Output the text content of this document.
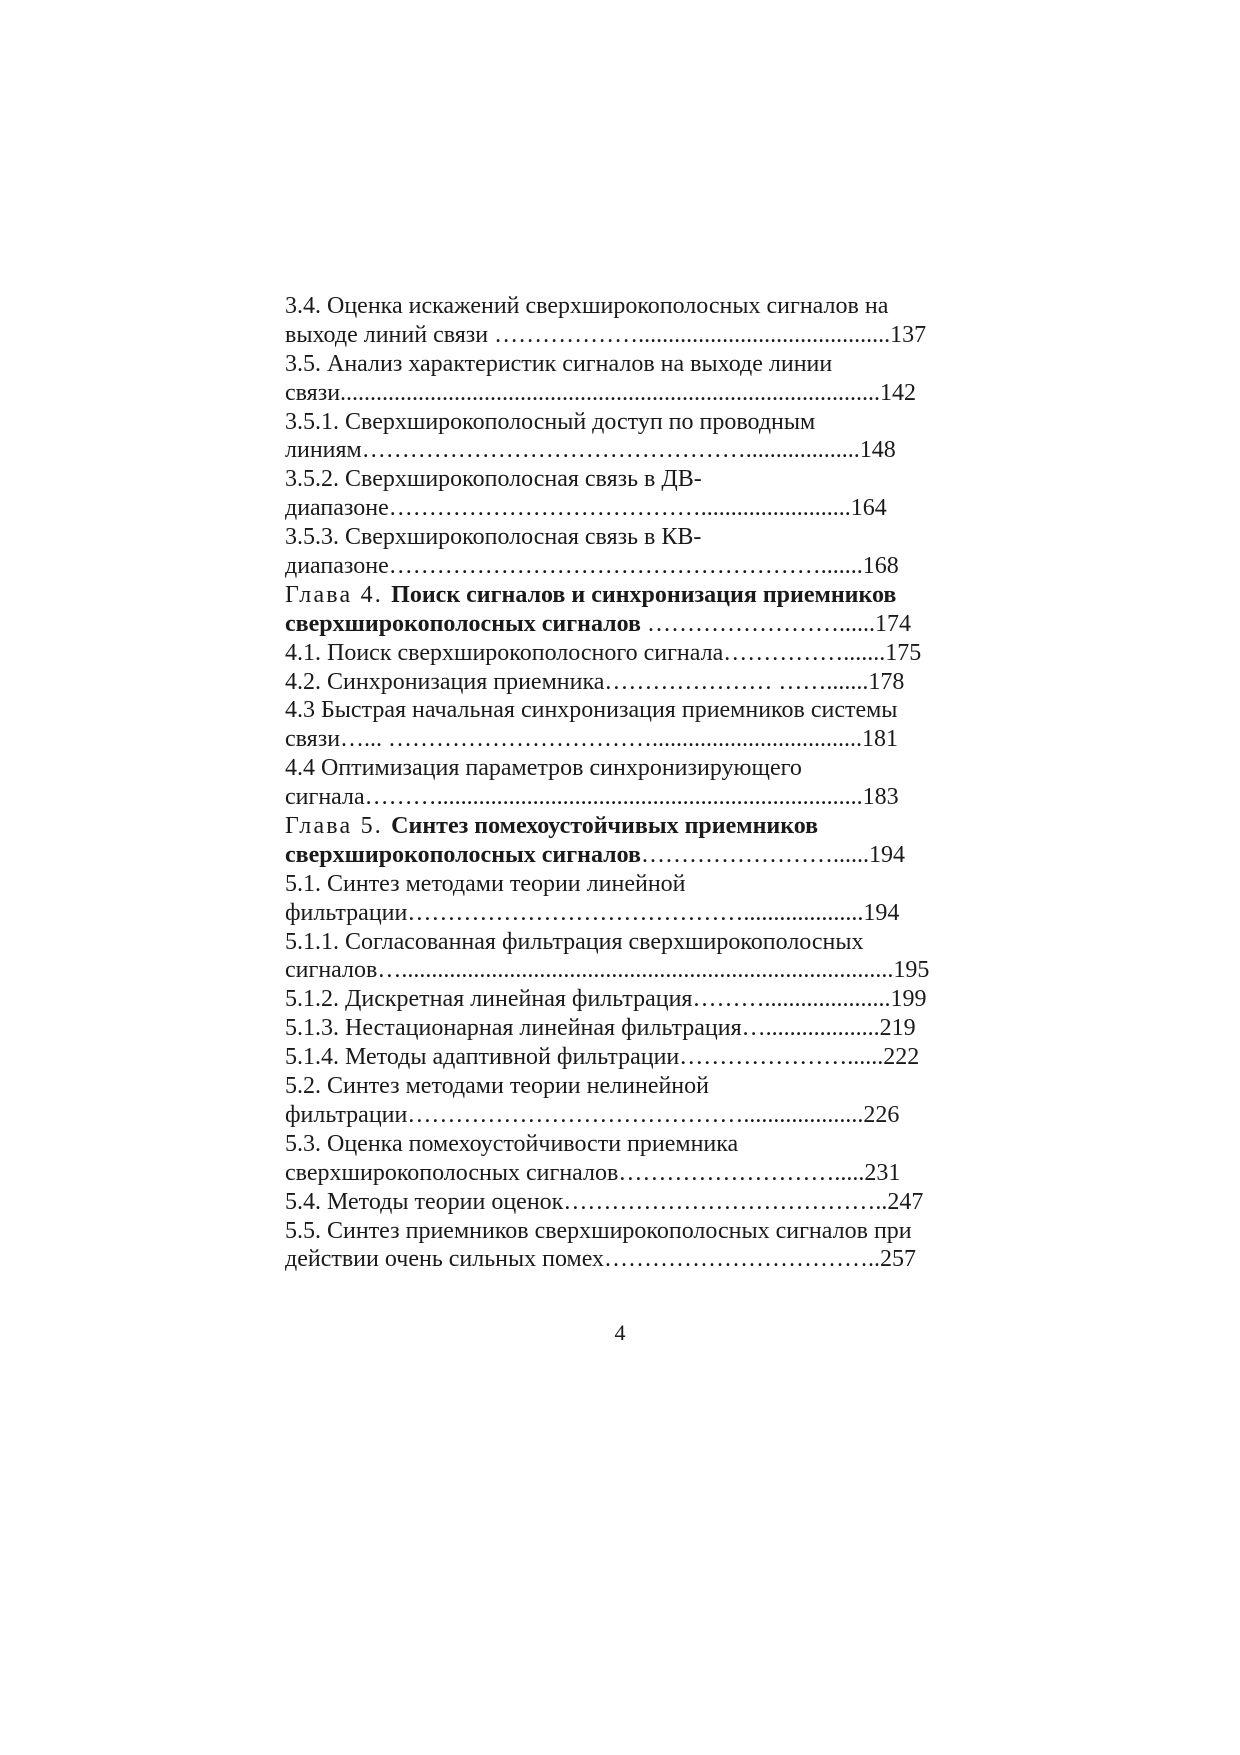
3.4. Оценка искажений сверхширокополосных сигналов на
выходе линий связи ………………..........................................137
3.5. Анализ характеристик сигналов на выходе линии
связи..........................................................................................142
3.5.1. Сверхширокополосный доступ по проводным
линиям…………………………………………...................148
3.5.2. Сверхширокополосная связь в ДВ-
диапазоне………………………………….........................164
3.5.3. Сверхширокополосная связь в КВ-
диапазоне……………………………………………….......168
Глава 4. Поиск сигналов и синхронизация приемников
сверхширокополосных сигналов ……………………......174
4.1. Поиск сверхширокополосного сигнала…………….......175
4.2. Синхронизация приемника………………… …….......178
4.3 Быстрая начальная синхронизация приемников системы
связи…... ……………………………...................................181
4.4 Оптимизация параметров синхронизирующего
сигнала……….......................................................................183
Глава 5. Синтез помехоустойчивых приемников
сверхширокополосных сигналов……………………......194
5.1. Синтез методами теории линейной
фильтрации……………………………………....................194
5.1.1. Согласованная фильтрация сверхширокополосных
сигналов…..................................................................................195
5.1.2. Дискретная линейная фильтрация……….....................199
5.1.3. Нестационарная линейная фильтрация…...................219
5.1.4. Методы адаптивной фильтрации…………………......222
5.2. Синтез методами теории нелинейной
фильтрации……………………………………....................226
5.3. Оценка помехоустойчивости приемника
сверхширокополосных сигналов……………………….....231
5.4. Методы теории оценок…………………………………..247
5.5. Синтез приемников сверхширокополосных сигналов при
действии очень сильных помех……………………………..257
4
